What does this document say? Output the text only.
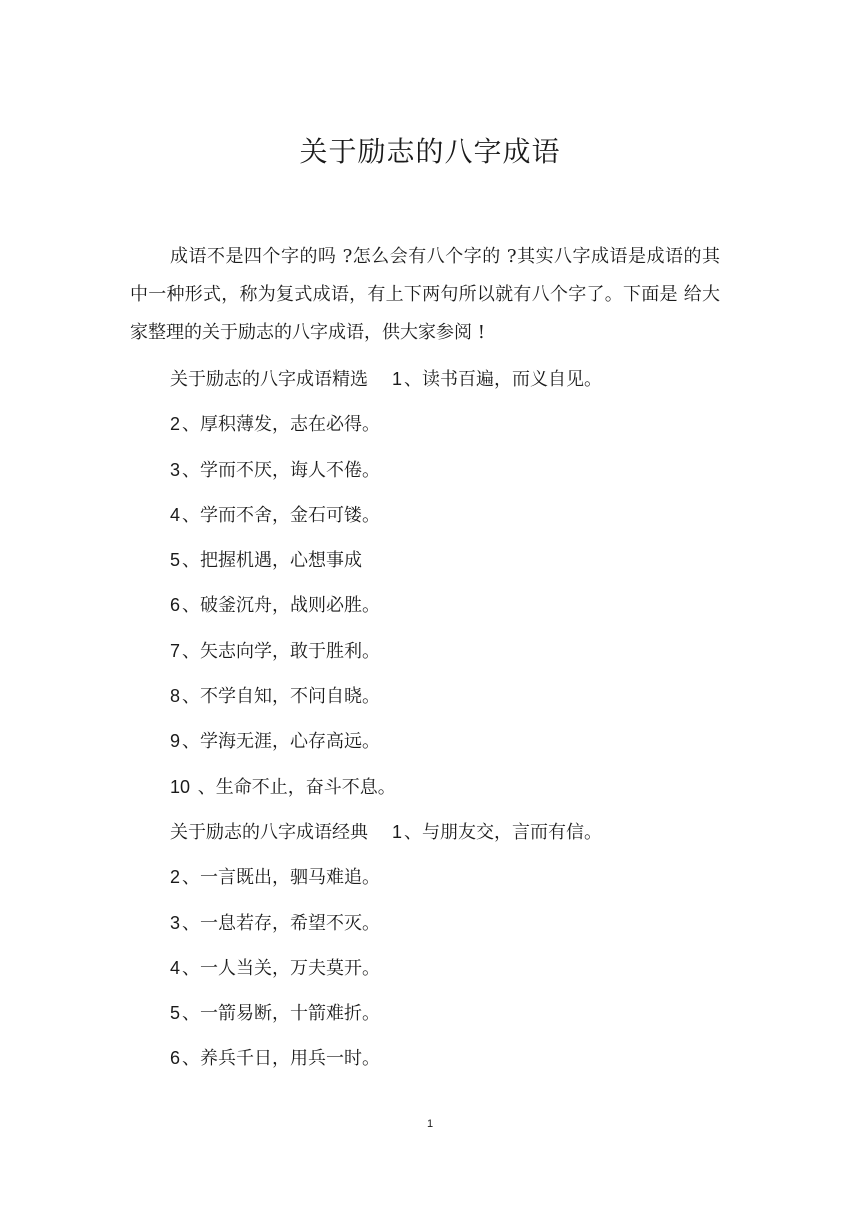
关于励志的八字成语

成语不是四个字的吗 ?怎么会有八个字的 ?其实八字成语是成语的其中一种形式，称为复式成语，有上下两句所以就有八个字了。下面是 给大家整理的关于励志的八字成语，供大家参阅 !

关于励志的八字成语精选 1 、读书百遍，而义自见。
2 、厚积薄发，志在必得。
3 、学而不厌，诲人不倦。
4 、学而不舍，金石可镂。
5 、把握机遇，心想事成
6 、破釜沉舟，战则必胜。
7 、矢志向学，敢于胜利。
8 、不学自知，不问自晓。
9 、学海无涯，心存高远。
10 、生命不止，奋斗不息。
关于励志的八字成语经典 1 、与朋友交，言而有信。
2 、一言既出，驷马难追。
3 、一息若存，希望不灭。
4 、一人当关，万夫莫开。
5 、一箭易断，十箭难折。
6 、养兵千日，用兵一时。
1
